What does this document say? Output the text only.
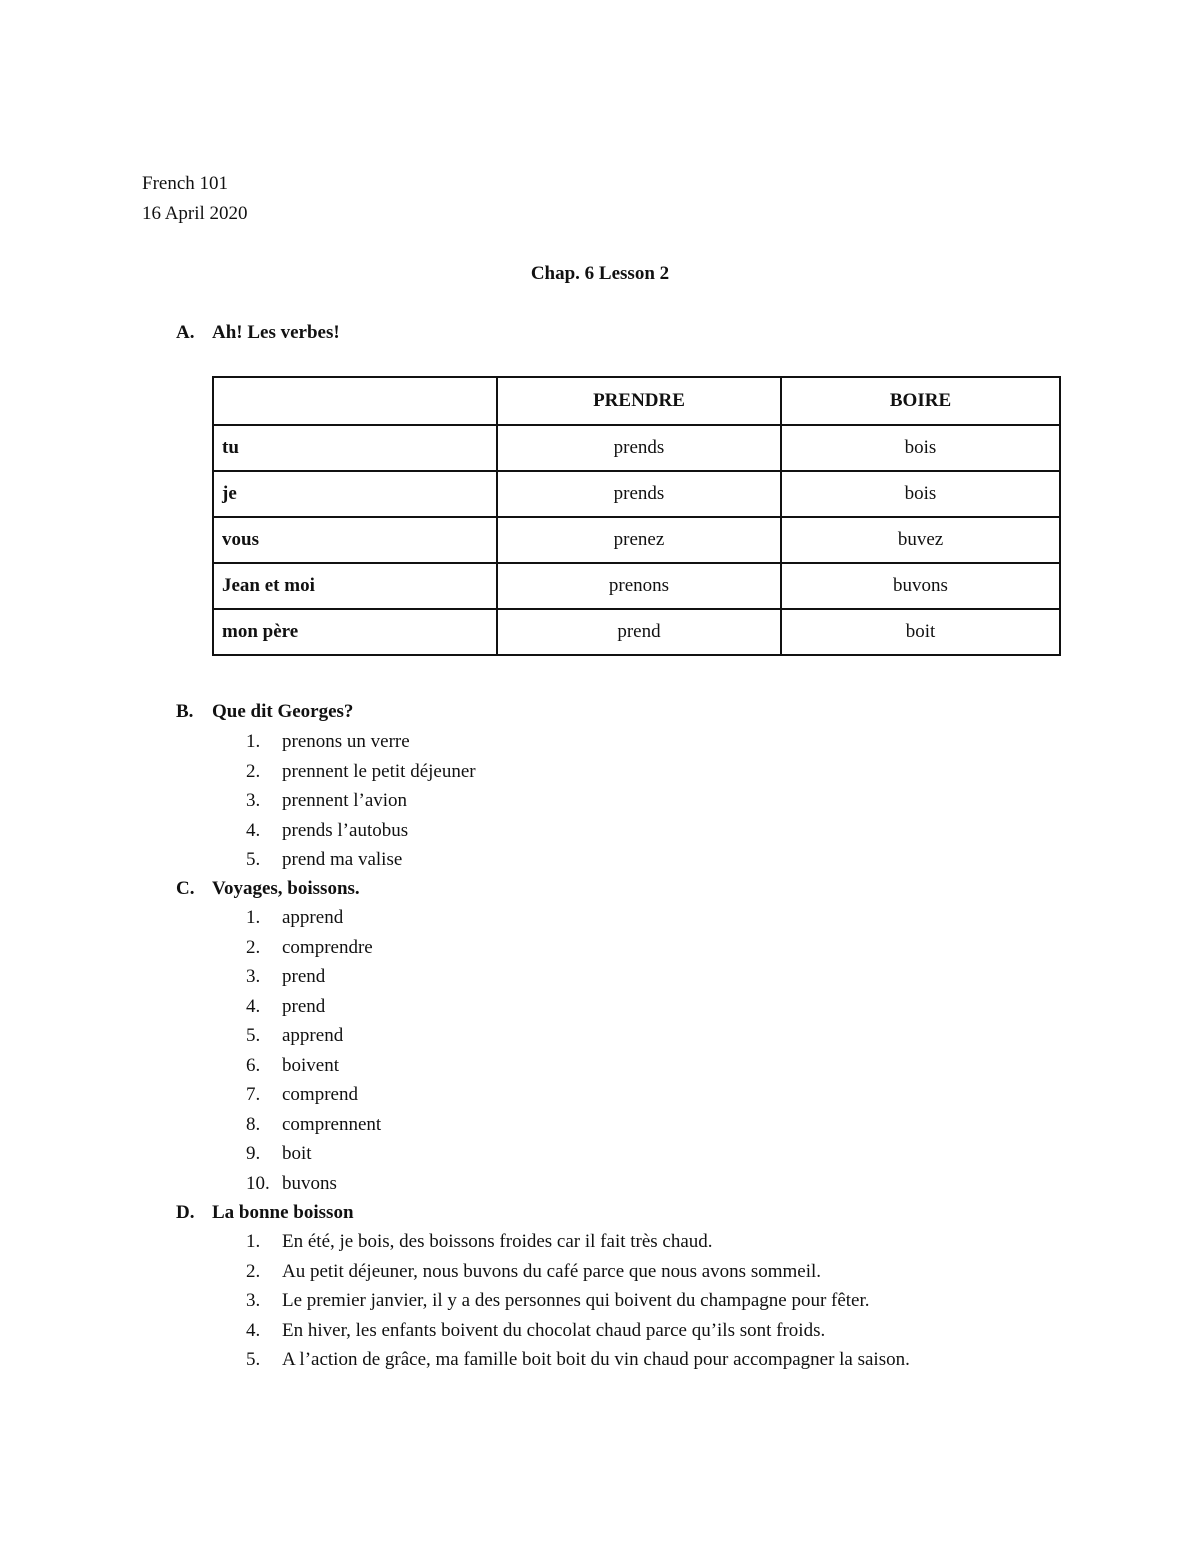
French 101
16 April 2020
Chap. 6 Lesson 2
A. Ah! Les verbes!
	PRENDRE	BOIRE
tu	prends	bois
je	prends	bois
vous	prenez	buvez
Jean et moi	prenons	buvons
mon père	prend	boit
B. Que dit Georges?
1.	prenons un verre
2.	prennent le petit déjeuner
3.	prennent l’avion
4.	prends l’autobus
5.	prend ma valise
C. Voyages, boissons.
1.	apprend
2.	comprendre
3.	prend
4.	prend
5.	apprend
6.	boivent
7.	comprend
8.	comprennent
9.	boit
10. buvons
D. La bonne boisson
1.	En été, je bois, des boissons froides car il fait très chaud.
2.	Au petit déjeuner, nous buvons du café parce que nous avons sommeil.
3.	Le premier janvier, il y a des personnes qui boivent du champagne pour fêter.
4.	En hiver, les enfants boivent du chocolat chaud parce qu’ils sont froids.
5.	A l’action de grâce, ma famille boit boit du vin chaud pour accompagner la saison.
